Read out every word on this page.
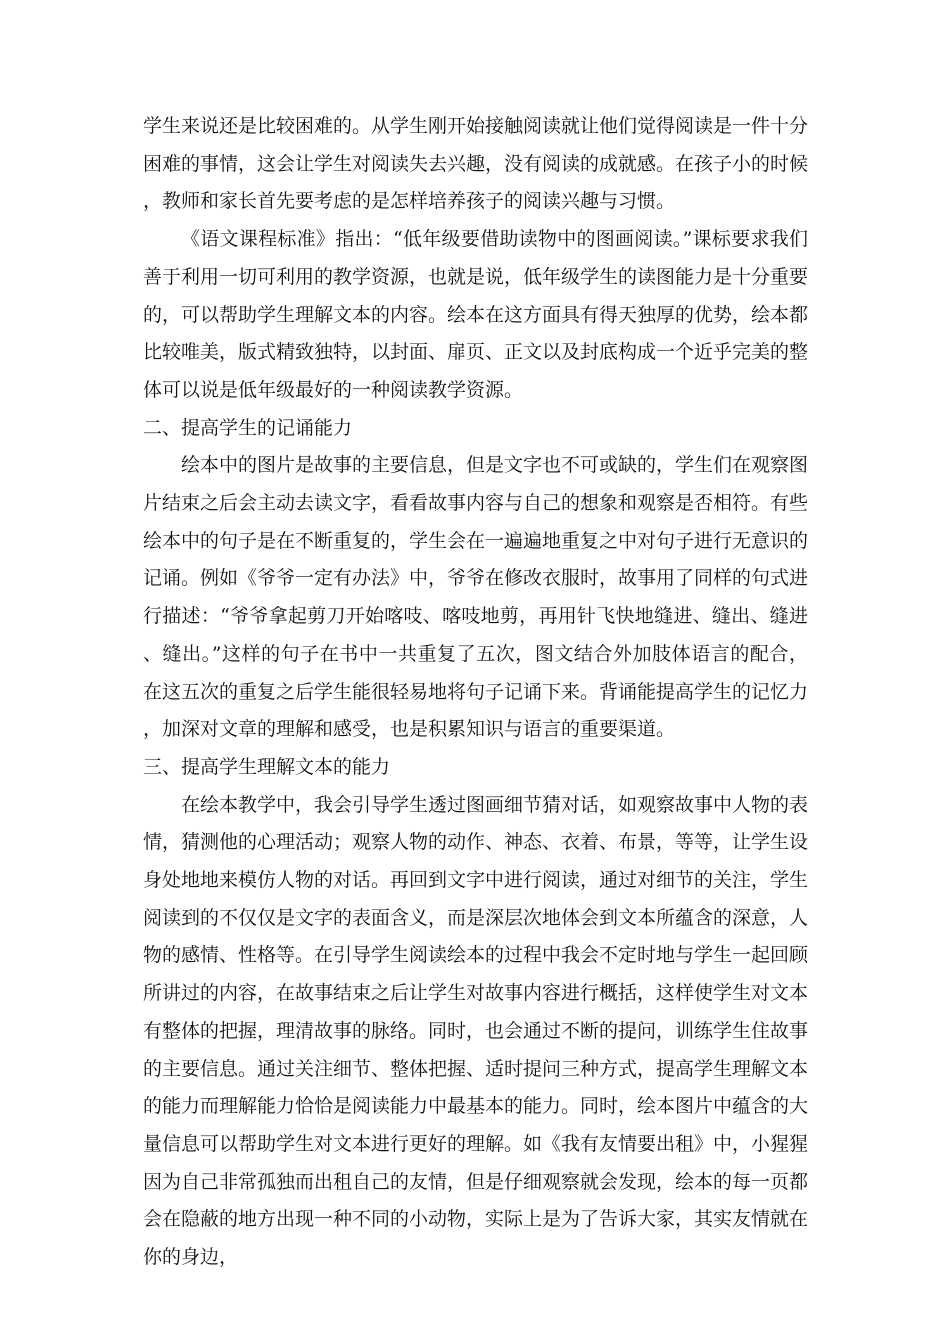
学生来说还是比较困难的。从学生刚开始接触阅读就让他们觉得阅读是一件十分困难的事情，这会让学生对阅读失去兴趣，没有阅读的成就感。在孩子小的时候，教师和家长首先要考虑的是怎样培养孩子的阅读兴趣与习惯。

《语文课程标准》指出：“低年级要借助读物中的图画阅读。”课标要求我们善于利用一切可利用的教学资源，也就是说，低年级学生的读图能力是十分重要的，可以帮助学生理解文本的内容。绘本在这方面具有得天独厚的优势，绘本都比较唯美，版式精致独特，以封面、扉页、正文以及封底构成一个近乎完美的整体可以说是低年级最好的一种阅读教学资源。

二、提高学生的记诵能力

绘本中的图片是故事的主要信息，但是文字也不可或缺的，学生们在观察图片结束之后会主动去读文字，看看故事内容与自己的想象和观察是否相符。有些绘本中的句子是在不断重复的，学生会在一遍遍地重复之中对句子进行无意识的记诵。例如《爷爷一定有办法》中，爷爷在修改衣服时，故事用了同样的句式进行描述：“爷爷拿起剪刀开始喀吱、喀吱地剪，再用针飞快地缝进、缝出、缝进、缝出。”这样的句子在书中一共重复了五次，图文结合外加肢体语言的配合，在这五次的重复之后学生能很轻易地将句子记诵下来。背诵能提高学生的记忆力，加深对文章的理解和感受，也是积累知识与语言的重要渠道。

三、提高学生理解文本的能力

在绘本教学中，我会引导学生透过图画细节猜对话，如观察故事中人物的表情，猜测他的心理活动；观察人物的动作、神态、衣着、布景，等等，让学生设身处地地来模仿人物的对话。再回到文字中进行阅读，通过对细节的关注，学生阅读到的不仅仅是文字的表面含义，而是深层次地体会到文本所蕴含的深意，人物的感情、性格等。在引导学生阅读绘本的过程中我会不定时地与学生一起回顾所讲过的内容，在故事结束之后让学生对故事内容进行概括，这样使学生对文本有整体的把握，理清故事的脉络。同时，也会通过不断的提问，训练学生住故事的主要信息。通过关注细节、整体把握、适时提问三种方式，提高学生理解文本的能力而理解能力恰恰是阅读能力中最基本的能力。同时，绘本图片中蕴含的大量信息可以帮助学生对文本进行更好的理解。如《我有友情要出租》中，小猩猩因为自己非常孤独而出租自己的友情，但是仔细观察就会发现，绘本的每一页都会在隐蔽的地方出现一种不同的小动物，实际上是为了告诉大家，其实友情就在你的身边，
